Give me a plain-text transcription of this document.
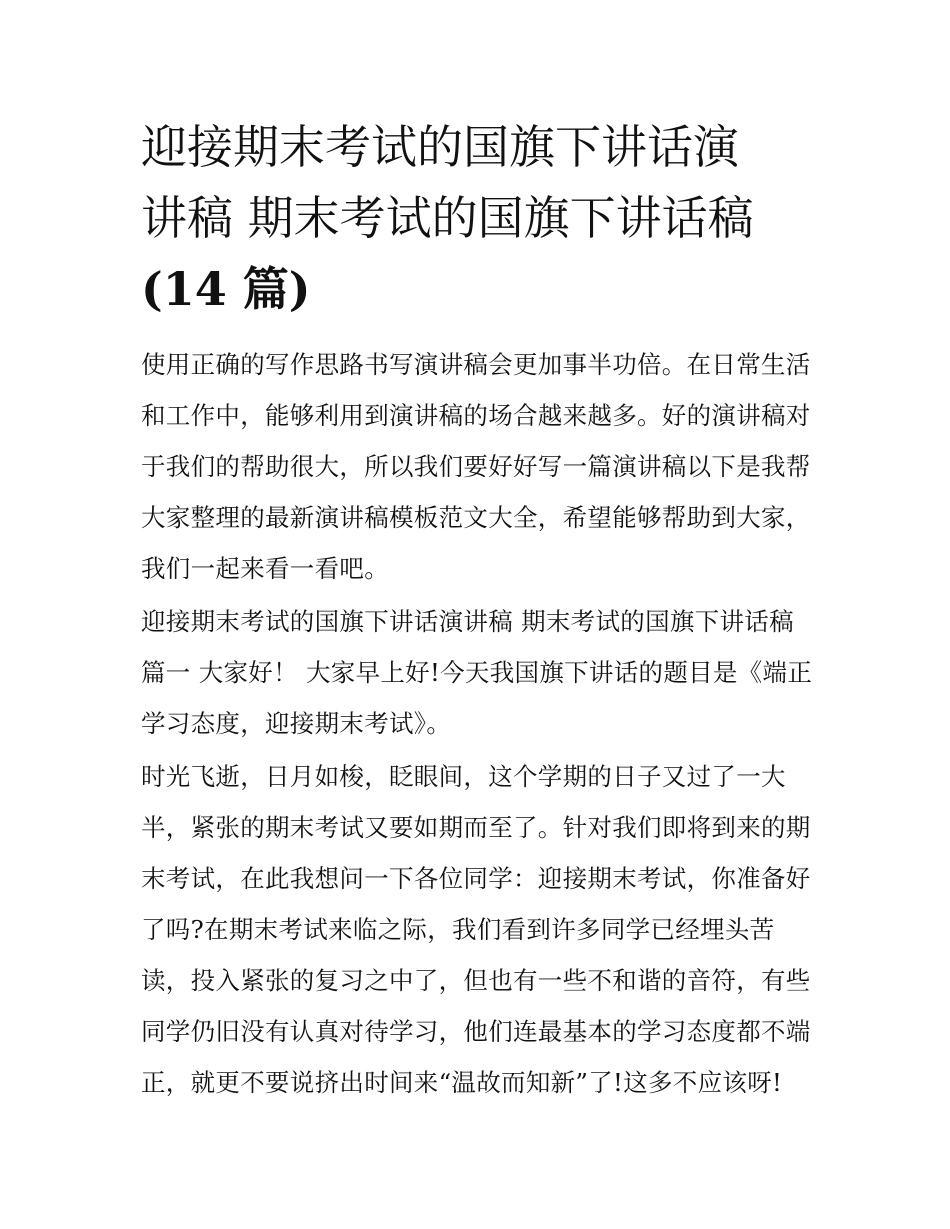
迎接期末考试的国旗下讲话演
讲稿 期末考试的国旗下讲话稿
(14 篇)

使用正确的写作思路书写演讲稿会更加事半功倍。在日常生活
和工作中，能够利用到演讲稿的场合越来越多。好的演讲稿对
于我们的帮助很大，所以我们要好好写一篇演讲稿以下是我帮
大家整理的最新演讲稿模板范文大全，希望能够帮助到大家，
我们一起来看一看吧。

迎接期末考试的国旗下讲话演讲稿 期末考试的国旗下讲话稿
篇一 大家好！ 大家早上好!今天我国旗下讲话的题目是《端正
学习态度，迎接期末考试》。

时光飞逝，日月如梭，眨眼间，这个学期的日子又过了一大
半，紧张的期末考试又要如期而至了。针对我们即将到来的期
末考试，在此我想问一下各位同学：迎接期末考试，你准备好
了吗?在期末考试来临之际，我们看到许多同学已经埋头苦
读，投入紧张的复习之中了，但也有一些不和谐的音符，有些
同学仍旧没有认真对待学习，他们连最基本的学习态度都不端
正，就更不要说挤出时间来“温故而知新”了!这多不应该呀!
